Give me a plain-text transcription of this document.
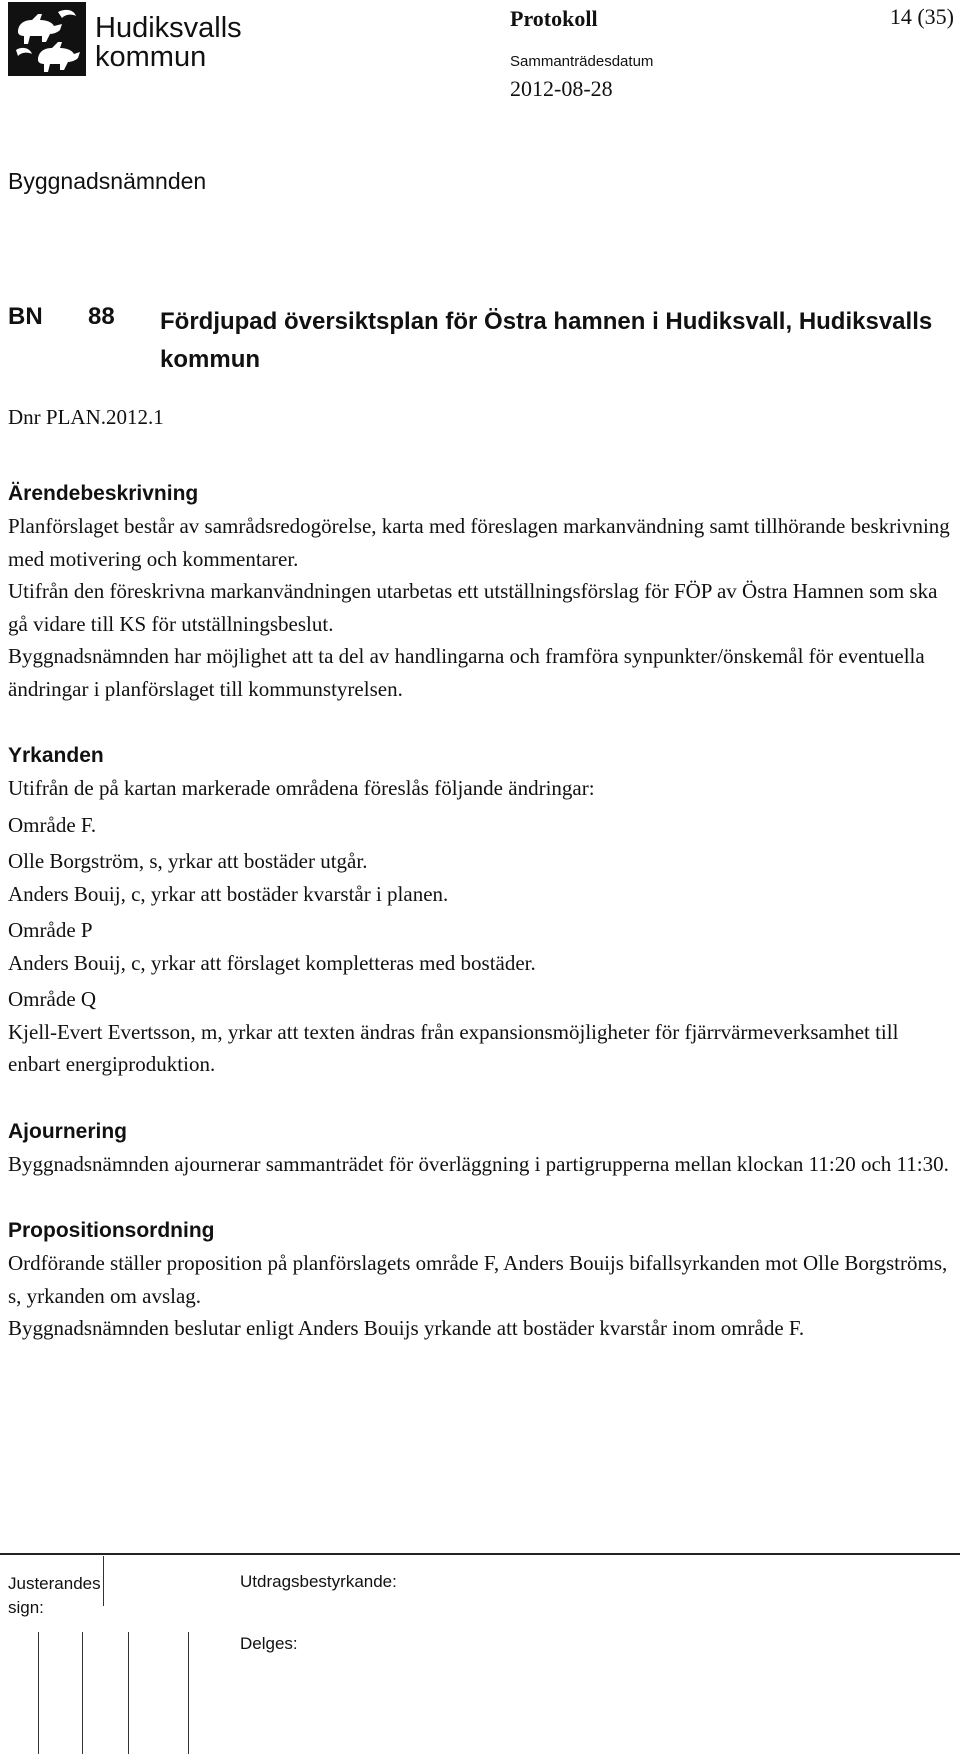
Hudiksvalls
kommun
Protokoll	14 (35)
Sammanträdesdatum
2012-08-28
Byggnadsnämnden
BN 88 Fördjupad översiktsplan för Östra hamnen i Hudiksvall, Hudiksvalls kommun
Dnr PLAN.2012.1
Ärendebeskrivning

Planförslaget består av samrådsredogörelse, karta med föreslagen markanvändning samt tillhörande beskrivning med motivering och kommentarer.

Utifrån den föreskrivna markanvändningen utarbetas ett utställningsförslag för FÖP av Östra Hamnen som ska gå vidare till KS för utställningsbeslut.

Byggnadsnämnden har möjlighet att ta del av handlingarna och framföra synpunkter/önskemål för eventuella ändringar i planförslaget till kommunstyrelsen.

Yrkanden

Utifrån de på kartan markerade områdena föreslås följande ändringar:

Område F.

Olle Borgström, s, yrkar att bostäder utgår.

Anders Bouij, c, yrkar att bostäder kvarstår i planen.

Område P

Anders Bouij, c, yrkar att förslaget kompletteras med bostäder.

Område Q

Kjell-Evert Evertsson, m, yrkar att texten ändras från expansionsmöjligheter för fjärrvärmeverksamhet till enbart energiproduktion.

Ajournering

Byggnadsnämnden ajournerar sammanträdet för överläggning i partigrupperna mellan klockan 11:20 och 11:30.

Propositionsordning

Ordförande ställer proposition på planförslagets område F, Anders Bouijs bifallsyrkanden mot Olle Borgströms, s, yrkanden om avslag.

Byggnadsnämnden beslutar enligt Anders Bouijs yrkande att bostäder kvarstår inom område F.

Justerandes sign:
Utdragsbestyrkande:
Delges:
